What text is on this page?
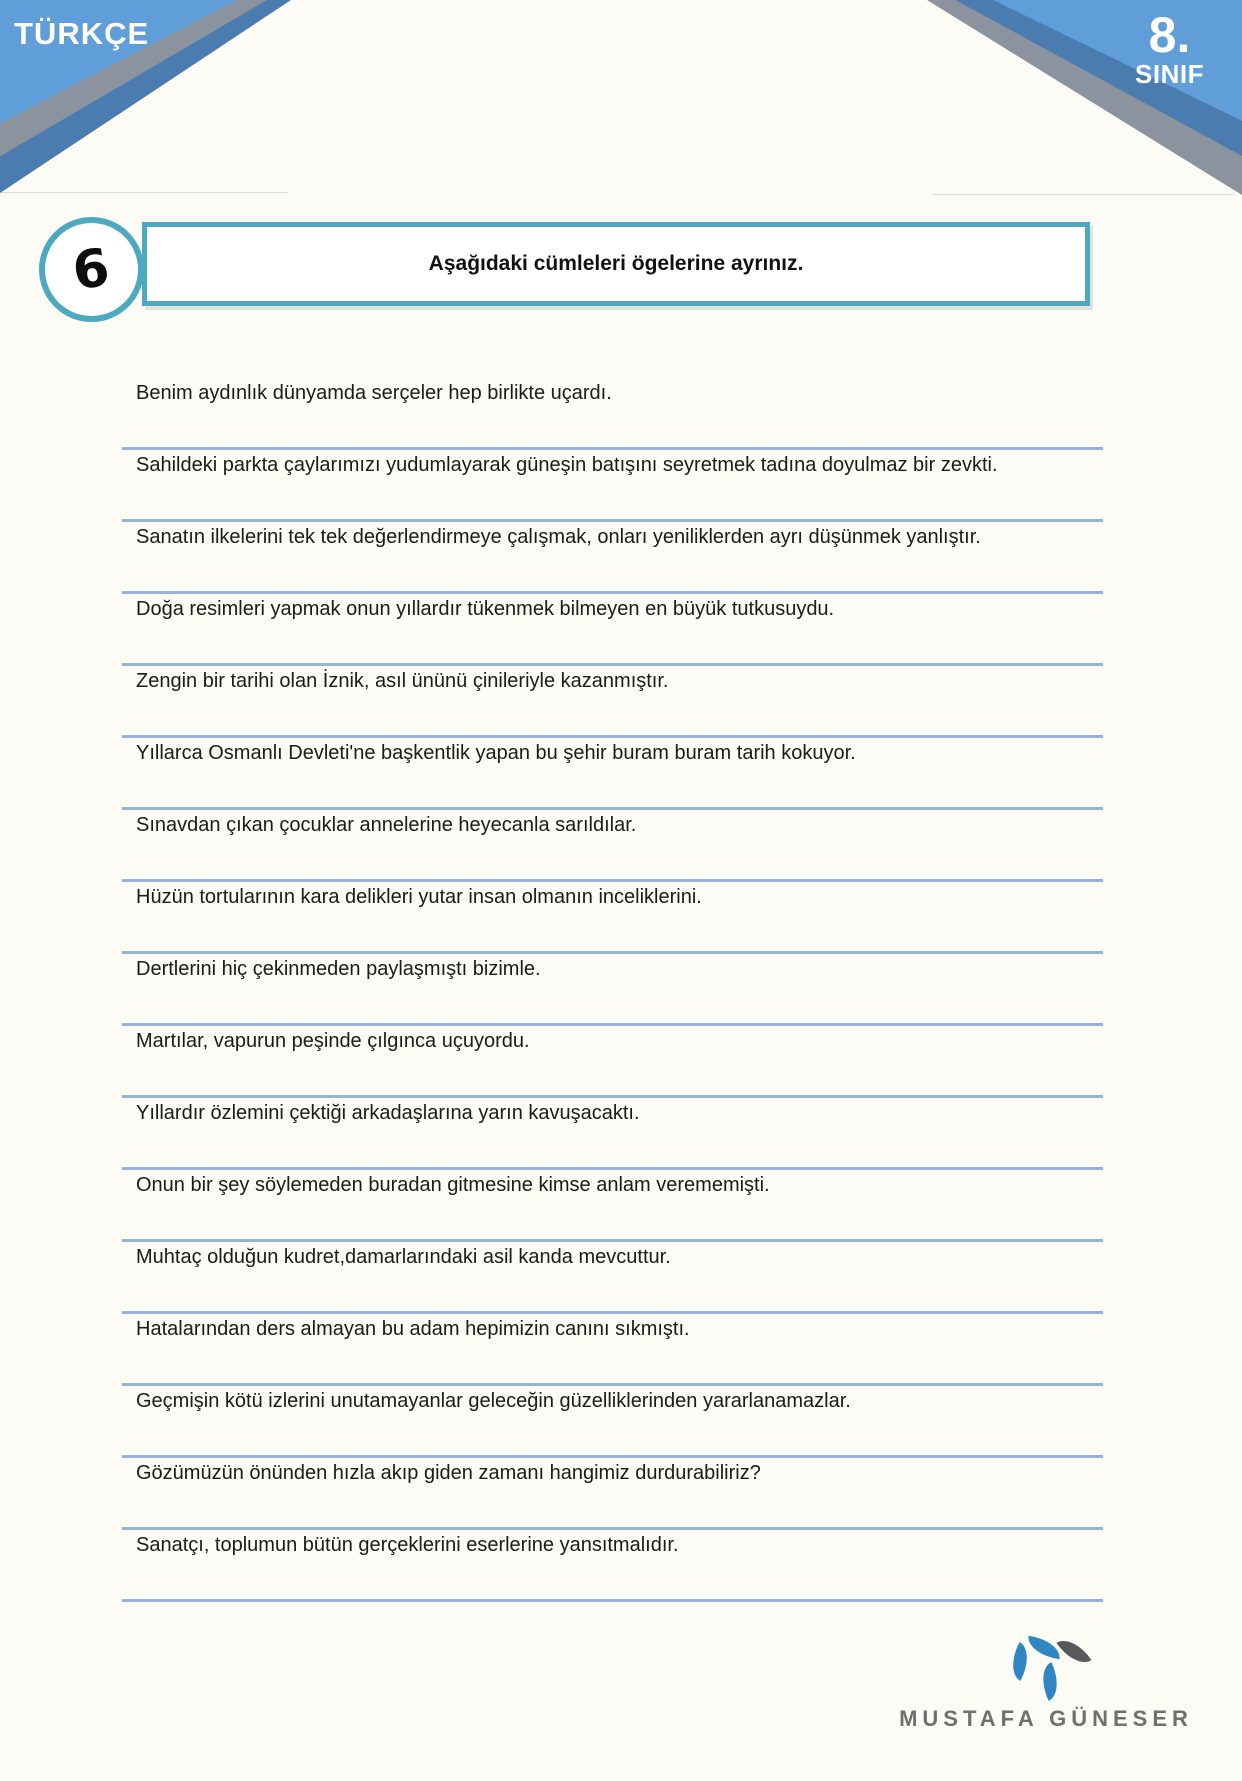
TÜRKÇE	8.
SINIF
6	Aşağıdaki cümleleri ögelerine ayrınız.

Benim aydınlık dünyamda serçeler hep birlikte uçardı.

Sahildeki parkta çaylarımızı yudumlayarak güneşin batışını seyretmek tadına doyulmaz bir zevkti.

Sanatın ilkelerini tek tek değerlendirmeye çalışmak, onları yeniliklerden ayrı düşünmek yanlıştır.

Doğa resimleri yapmak onun yıllardır tükenmek bilmeyen en büyük tutkusuydu.

Zengin bir tarihi olan İznik, asıl ününü çinileriyle kazanmıştır.

Yıllarca Osmanlı Devleti'ne başkentlik yapan bu şehir buram buram tarih kokuyor.

Sınavdan çıkan çocuklar annelerine heyecanla sarıldılar.

Hüzün tortularının kara delikleri yutar insan olmanın inceliklerini.

Dertlerini hiç çekinmeden paylaşmıştı bizimle.

Martılar, vapurun peşinde çılgınca uçuyordu.

Yıllardır özlemini çektiği arkadaşlarına yarın kavuşacaktı.

Onun bir şey söylemeden buradan gitmesine kimse anlam verememişti.

Muhtaç olduğun kudret,damarlarındaki asil kanda mevcuttur.

Hatalarından ders almayan bu adam hepimizin canını sıkmıştı.

Geçmişin kötü izlerini unutamayanlar geleceğin güzelliklerinden yararlanamazlar.

Gözümüzün önünden hızla akıp giden zamanı hangimiz durdurabiliriz?

Sanatçı, toplumun bütün gerçeklerini eserlerine yansıtmalıdır.

MUSTAFA GÜNESER
